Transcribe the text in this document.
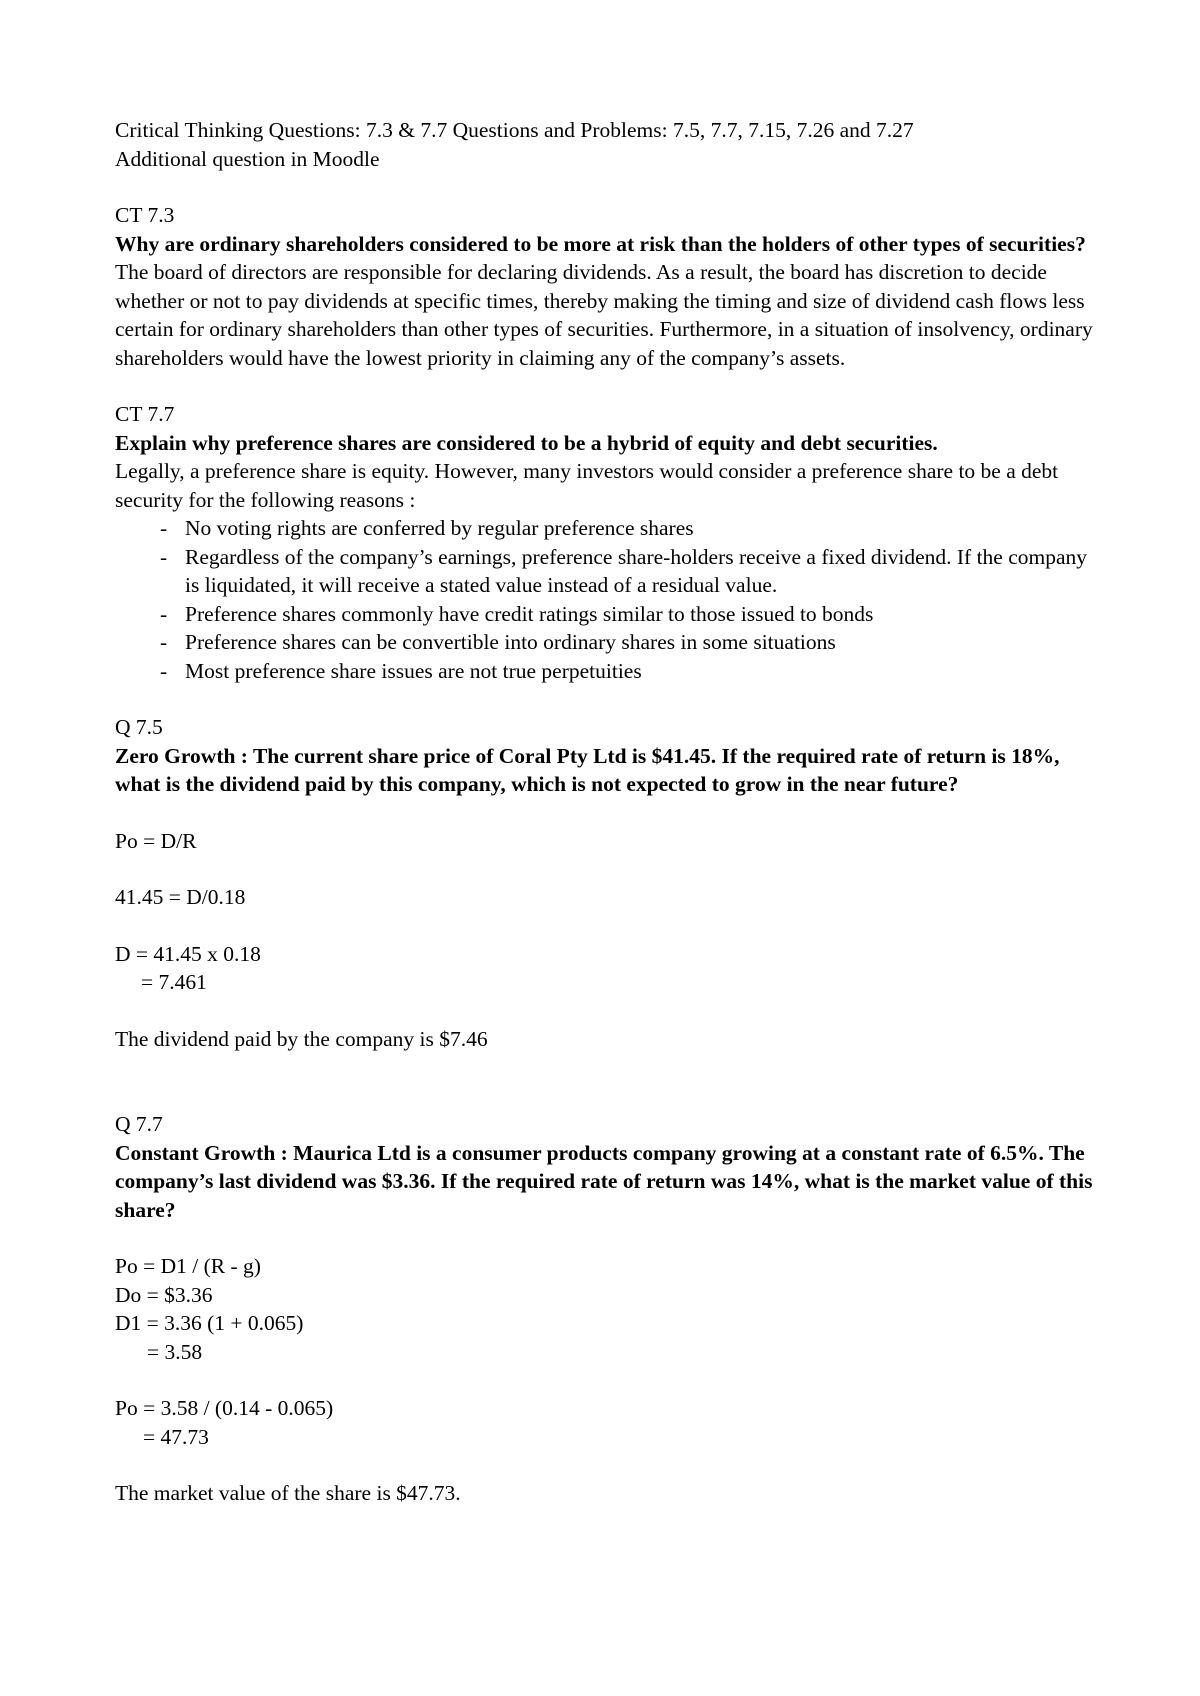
Critical Thinking Questions: 7.3 & 7.7 Questions and Problems: 7.5, 7.7, 7.15, 7.26 and 7.27

Additional question in Moodle

CT 7.3

Why are ordinary shareholders considered to be more at risk than the holders of other types of securities?

The board of directors are responsible for declaring dividends. As a result, the board has discretion to decide whether or not to pay dividends at specific times, thereby making the timing and size of dividend cash flows less certain for ordinary shareholders than other types of securities. Furthermore, in a situation of insolvency, ordinary shareholders would have the lowest priority in claiming any of the company’s assets.

CT 7.7

Explain why preference shares are considered to be a hybrid of equity and debt securities.

Legally, a preference share is equity. However, many investors would consider a preference share to be a debt security for the following reasons :

- No voting rights are conferred by regular preference shares
- Regardless of the company’s earnings, preference share-holders receive a fixed dividend. If the company is liquidated, it will receive a stated value instead of a residual value.
- Preference shares commonly have credit ratings similar to those issued to bonds
- Preference shares can be convertible into ordinary shares in some situations
- Most preference share issues are not true perpetuities

Q 7.5

Zero Growth : The current share price of Coral Pty Ltd is $41.45. If the required rate of return is 18%, what is the dividend paid by this company, which is not expected to grow in the near future?

Po = D/R

41.45 = D/0.18

D = 41.45 x 0.18

= 7.461

The dividend paid by the company is $7.46

Q 7.7

Constant Growth : Maurica Ltd is a consumer products company growing at a constant rate of 6.5%. The company’s last dividend was $3.36. If the required rate of return was 14%, what is the market value of this share?

Po = D1 / (R - g)

Do = $3.36

D1 = 3.36 (1 + 0.065)

= 3.58

Po = 3.58 / (0.14 - 0.065)

= 47.73

The market value of the share is $47.73.
